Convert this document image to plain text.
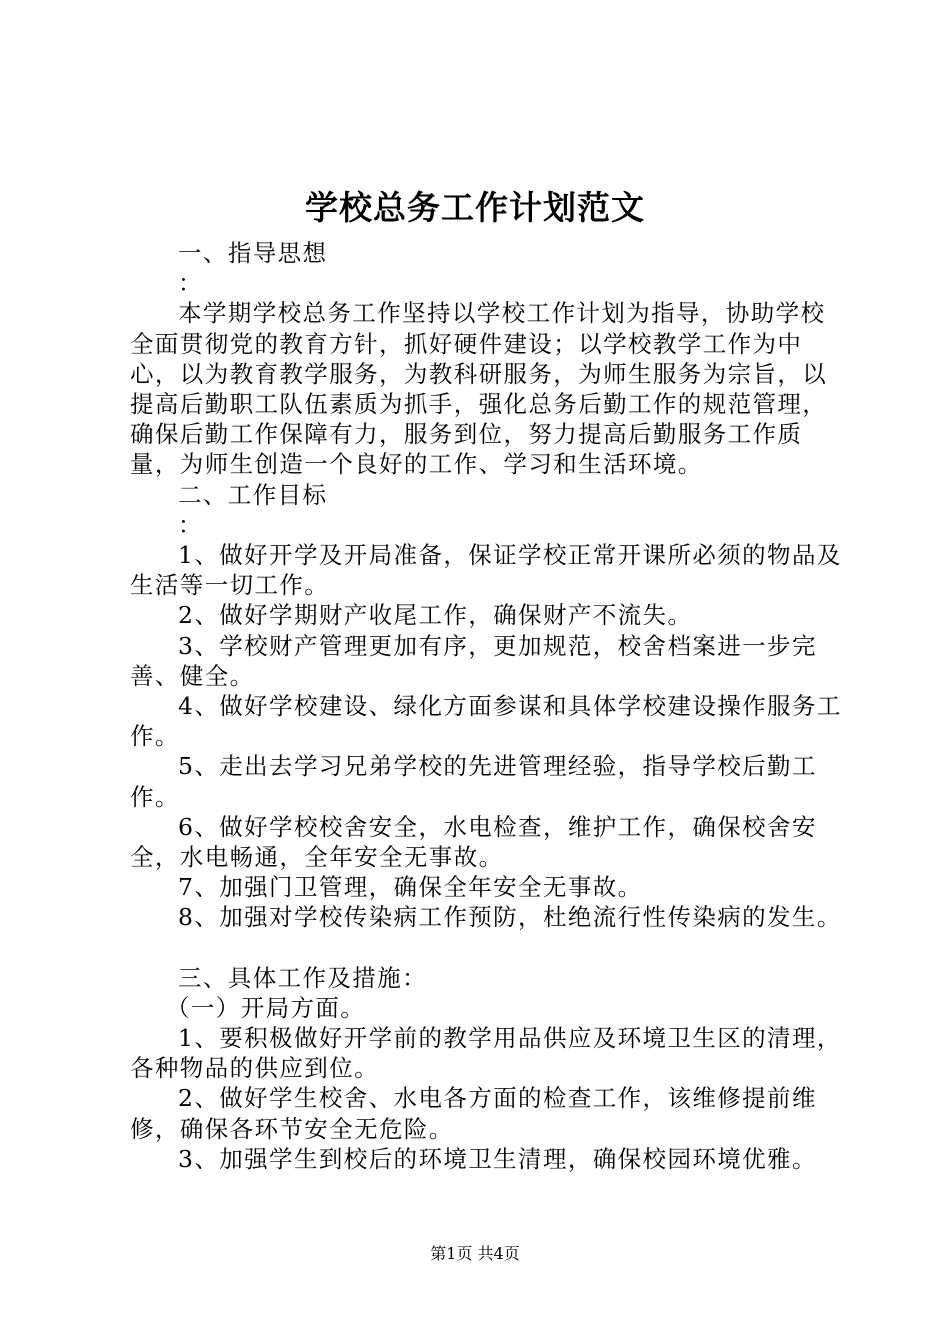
学校总务工作计划范文

一、指导思想

：

本学期学校总务工作坚持以学校工作计划为指导，协助学校全面贯彻党的教育方针，抓好硬件建设；以学校教学工作为中心，以为教育教学服务，为教科研服务，为师生服务为宗旨，以提高后勤职工队伍素质为抓手，强化总务后勤工作的规范管理，确保后勤工作保障有力，服务到位，努力提高后勤服务工作质量，为师生创造一个良好的工作、学习和生活环境。

二、工作目标

：

1、做好开学及开局准备，保证学校正常开课所必须的物品及生活等一切工作。

2、做好学期财产收尾工作，确保财产不流失。

3、学校财产管理更加有序，更加规范，校舍档案进一步完善、健全。

4、做好学校建设、绿化方面参谋和具体学校建设操作服务工作。

5、走出去学习兄弟学校的先进管理经验，指导学校后勤工作。

6、做好学校校舍安全，水电检查，维护工作，确保校舍安全，水电畅通，全年安全无事故。

7、加强门卫管理，确保全年安全无事故。

8、加强对学校传染病工作预防，杜绝流行性传染病的发生。

三、具体工作及措施：

（一）开局方面。

1、要积极做好开学前的教学用品供应及环境卫生区的清理，各种物品的供应到位。

2、做好学生校舍、水电各方面的检查工作，该维修提前维修，确保各环节安全无危险。

3、加强学生到校后的环境卫生清理，确保校园环境优雅。

第1页 共4页
